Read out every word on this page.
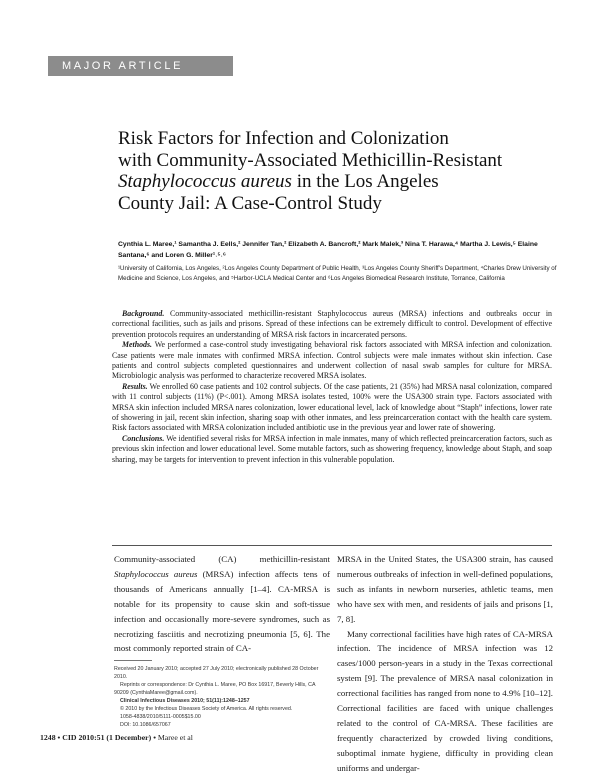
MAJOR ARTICLE
Risk Factors for Infection and Colonization
with Community-Associated Methicillin-Resistant
Staphylococcus aureus in the Los Angeles
County Jail: A Case-Control Study
Cynthia L. Maree,¹ Samantha J. Eells,² Jennifer Tan,² Elizabeth A. Bancroft,² Mark Malek,³ Nina T. Harawa,⁴ Martha J. Lewis,⁵ Elaine Santana,⁶ and Loren G. Miller¹˒⁵˒⁶
¹University of California, Los Angeles, ²Los Angeles County Department of Public Health, ³Los Angeles County Sheriff's Department, ⁴Charles Drew University of Medicine and Science, Los Angeles, and ⁵Harbor-UCLA Medical Center and ⁶Los Angeles Biomedical Research Institute, Torrance, California

Background. Community-associated methicillin-resistant Staphylococcus aureus (MRSA) infections and outbreaks occur in correctional facilities, such as jails and prisons. Spread of these infections can be extremely difficult to control. Development of effective prevention protocols requires an understanding of MRSA risk factors in incarcerated persons.

Methods. We performed a case-control study investigating behavioral risk factors associated with MRSA infection and colonization. Case patients were male inmates with confirmed MRSA infection. Control subjects were male inmates without skin infection. Case patients and control subjects completed questionnaires and underwent collection of nasal swab samples for culture for MRSA. Microbiologic analysis was performed to characterize recovered MRSA isolates.

Results. We enrolled 60 case patients and 102 control subjects. Of the case patients, 21 (35%) had MRSA nasal colonization, compared with 11 control subjects (11%) (P<.001). Among MRSA isolates tested, 100% were the USA300 strain type. Factors associated with MRSA skin infection included MRSA nares colonization, lower educational level, lack of knowledge about “Staph” infections, lower rate of showering in jail, recent skin infection, sharing soap with other inmates, and less preincarceration contact with the health care system. Risk factors associated with MRSA colonization included antibiotic use in the previous year and lower rate of showering.

Conclusions. We identified several risks for MRSA infection in male inmates, many of which reflected preincarceration factors, such as previous skin infection and lower educational level. Some mutable factors, such as showering frequency, knowledge about Staph, and soap sharing, may be targets for intervention to prevent infection in this vulnerable population.

Community-associated (CA) methicillin-resistant Staphylococcus aureus (MRSA) infection affects tens of thousands of Americans annually [1–4]. CA-MRSA is notable for its propensity to cause skin and soft-tissue infection and occasionally more-severe syndromes, such as necrotizing fasciitis and necrotizing pneumonia [5, 6]. The most commonly reported strain of CA-

MRSA in the United States, the USA300 strain, has caused numerous outbreaks of infection in well-defined populations, such as infants in newborn nurseries, athletic teams, men who have sex with men, and residents of jails and prisons [1, 7, 8].

Many correctional facilities have high rates of CA-MRSA infection. The incidence of MRSA infection was 12 cases/1000 person-years in a study in the Texas correctional system [9]. The prevalence of MRSA nasal colonization in correctional facilities has ranged from none to 4.9% [10–12]. Correctional facilities are faced with unique challenges related to the control of CA-MRSA. These facilities are frequently characterized by crowded living conditions, suboptimal inmate hygiene, difficulty in providing clean uniforms and undergar-

Received 20 January 2010; accepted 27 July 2010; electronically published 28 October 2010.

Reprints or correspondence: Dr Cynthia L. Maree, PO Box 16917, Beverly Hills, CA 90209 (CynthiaMaree@gmail.com).

Clinical Infectious Diseases 2010; 51(11):1248–1257

© 2010 by the Infectious Diseases Society of America. All rights reserved.

1058-4838/2010/5111-0005$15.00

DOI: 10.1086/657067

1248 • CID 2010:51 (1 December) • Maree et al
